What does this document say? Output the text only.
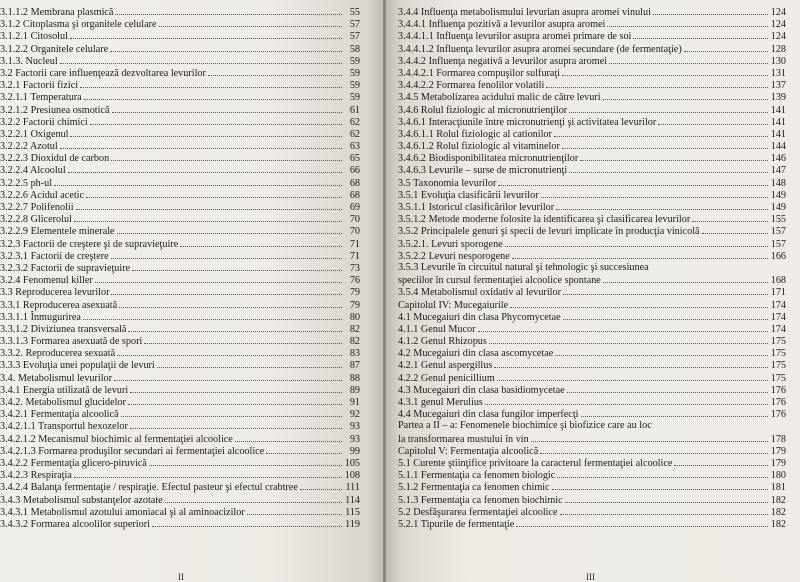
3.1.1.2 Membrana plasmică	55
3.1.2 Citoplasma şi organitele celulare	57
3.1.2.1 Citosolul	57
3.1.2.2 Organitele celulare	58
3.1.3. Nucleul	59
3.2 Factorii care influenţează dezvoltarea levurilor	59
3.2.1 Factorii fizici	59
3.2.1.1 Temperatura	59
3.2.1.2 Presiunea osmotică	61
3.2.2 Factorii chimici	62
3.2.2.1 Oxigenul	62
3.2.2.2 Azotul	63
3.2.2.3 Dioxidul de carbon	65
3.2.2.4 Alcoolul	66
3.2.2.5 ph-ul	68
3.2.2.6 Acidul acetic	68
3.2.2.7 Polifenolii	69
3.2.2.8 Glicerolul	70
3.2.2.9 Elementele minerale	70
3.2.3 Factorii de creştere şi de supravieţuire	71
3.2.3.1 Factorii de creştere	71
3.2.3.2 Factorii de supravieţuire	73
3.2.4 Fenomenul killer	76
3.3 Reproducerea levurilor	79
3.3.1 Reproducerea asexuată	79
3.3.1.1 Înmugurirea	80
3.3.1.2 Diviziunea transversală	82
3.3.1.3 Formarea asexuată de spori	82
3.3.2. Reproducerea sexuată	83
3.3.3 Evoluţia unei populaţii de levuri	87
3.4. Metabolismul levurilor	88
3.4.1 Energia utilizată de levuri	89
3.4.2. Metabolismul glucidelor	91
3.4.2.1 Fermentaţia alcoolică	92
3.4.2.1.1 Transportul hexozelor	93
3.4.2.1.2 Mecanismul biochimic al fermentaţiei alcoolice	93
3.4.2.1.3 Formarea produşilor secundari ai fermentaţiei alcoolice	99
3.4.2.2 Fermentaţia glicero-piruvică	105
3.4.2.3 Respiraţia	108
3.4.2.4 Balanţa fermentaţie / respiraţie. Efectul pasteur şi efectul crabtree	111
3.4.3 Metabolismul substanţelor azotate	114
3.4.3.1 Metabolismul azotului amoniacal şi al aminoacizilor	115
3.4.3.2 Formarea alcoolilor superiori	119
II
3.4.4 Influenţa metabolismului levurian asupra aromei vinului	124
3.4.4.1 Influenţa pozitivă a levurilor asupra aromei	124
3.4.4.1.1 Influenţa levurilor asupra aromei primare de soi	124
3.4.4.1.2 Influenţa levurilor asupra aromei secundare (de fermentaţie)	128
3.4.4.2 Influenţa negativă a levurilor asupra aromei	130
3.4.4.2.1 Formarea compuşilor sulfuraţi	131
3.4.4.2.2 Formarea fenolilor volatili	137
3.4.5 Metabolizarea acidului malic de către levuri	139
3.4.6 Rolul fiziologic al micronutrienţilor	141
3.4.6.1 Interacţiunile între micronutrienţi şi activitatea levurilor	141
3.4.6.1.1 Rolul fiziologic al cationilor	141
3.4.6.1.2 Rolul fiziologic al vitaminelor	144
3.4.6.2 Biodisponibilitatea micronutrienţilor	146
3.4.6.3 Levurile – surse de micronutrienţi	147
3.5 Taxonomia levurilor	148
3.5.1 Evoluţia clasificării levurilor	149
3.5.1.1 Istoricul clasificărilor levurilor	149
3.5.1.2 Metode moderne folosite la identificarea şi clasificarea levurilor	155
3.5.2 Principalele genuri şi specii de levuri implicate în producţia vinicolă	157
3.5.2.1. Levuri sporogene	157
3.5.2.2 Levuri nesporogene	166
3.5.3 Levurile în circuitul natural şi tehnologic şi succesiunea
speciilor în cursul fermentaţiei alcoolice spontane	168
3.5.4 Metabolismul oxidativ al levurilor	171
Capitolul IV: Mucegaiurile	174
4.1 Mucegaiuri din clasa Phycomycetae	174
4.1.1 Genul Mucor	174
4.1.2 Genul Rhizopus	175
4.2 Mucegaiuri din clasa ascomycetae	175
4.2.1 Genul aspergillus	175
4.2.2 Genul penicillium	175
4.3 Mucegaiuri din clasa basidiomycetae	176
4.3.1 genul Merulius	176
4.4 Mucegaiuri din clasa fungilor imperfecţi	176
Partea a II – a: Fenomenele biochimice şi biofizice care au loc
la transformarea mustului în vin	178
Capitolul V: Fermentaţia alcoolică	179
5.1 Curente ştiinţifice privitoare la caracterul fermentaţiei alcoolice	179
5.1.1 Fermentaţia ca fenomen biologic	180
5.1.2 Fermentaţia ca fenomen chimic	181
5.1.3 Fermentaţia ca fenomen biochimic	182
5.2 Desfăşurarea fermentaţiei alcoolice	182
5.2.1 Tipurile de fermentaţie	182
III
